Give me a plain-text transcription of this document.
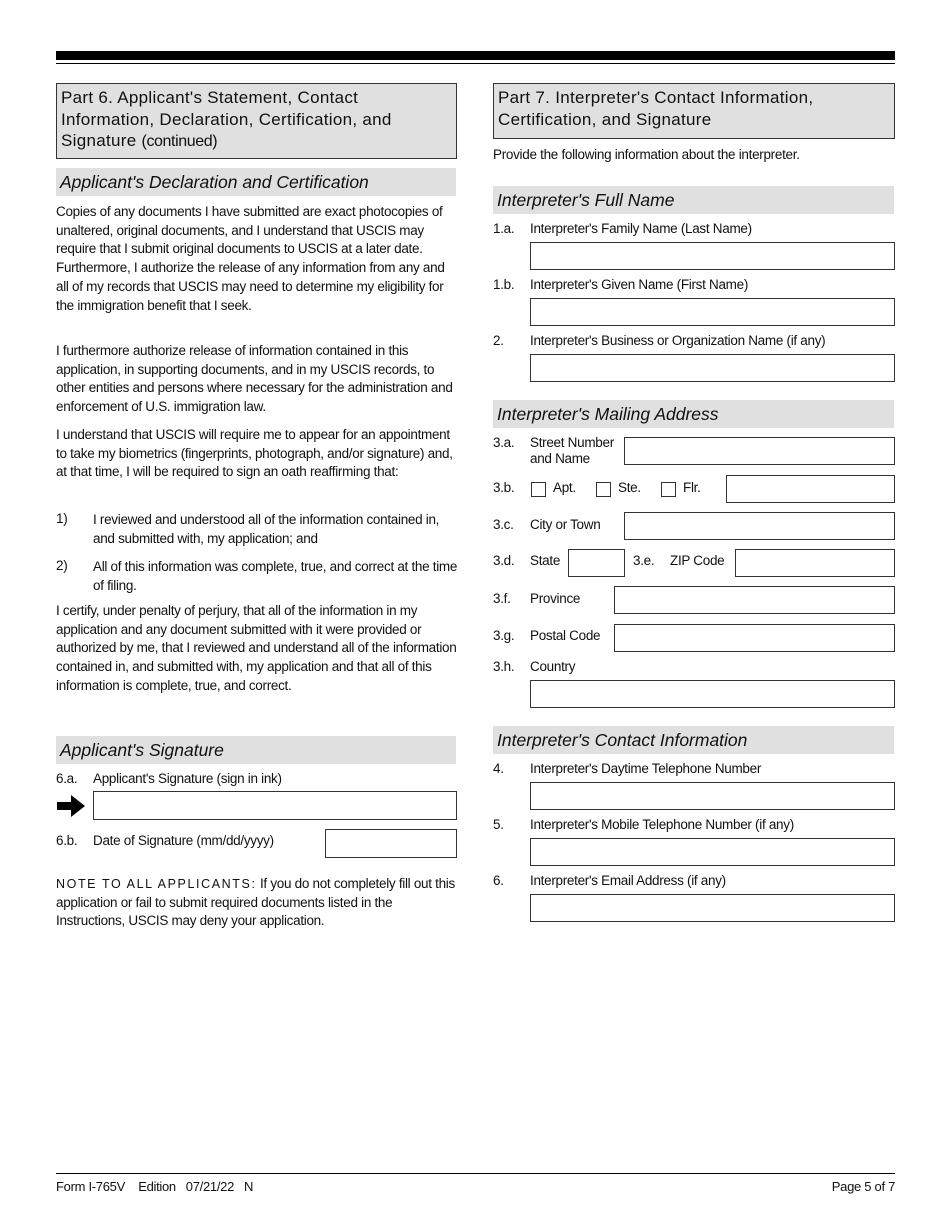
Part 6. Applicant's Statement, Contact
Information, Declaration, Certification, and
Signature (continued)
Applicant's Declaration and Certification
Copies of any documents I have submitted are exact photocopies of unaltered, original documents, and I understand that USCIS may require that I submit original documents to USCIS at a later date. Furthermore, I authorize the release of any information from any and all of my records that USCIS may need to determine my eligibility for the immigration benefit that I seek.
I furthermore authorize release of information contained in this application, in supporting documents, and in my USCIS records, to other entities and persons where necessary for the administration and enforcement of U.S. immigration law.
I understand that USCIS will require me to appear for an appointment to take my biometrics (fingerprints, photograph, and/or signature) and, at that time, I will be required to sign an oath reaffirming that:
1) I reviewed and understood all of the information contained in, and submitted with, my application; and
2) All of this information was complete, true, and correct at the time of filing.
I certify, under penalty of perjury, that all of the information in my application and any document submitted with it were provided or authorized by me, that I reviewed and understand all of the information contained in, and submitted with, my application and that all of this information is complete, true, and correct.
Applicant's Signature
6.a. Applicant's Signature (sign in ink)
6.b. Date of Signature (mm/dd/yyyy)
NOTE TO ALL APPLICANTS: If you do not completely fill out this application or fail to submit required documents listed in the Instructions, USCIS may deny your application.
Part 7. Interpreter's Contact Information,
Certification, and Signature
Provide the following information about the interpreter.
Interpreter's Full Name
1.a. Interpreter's Family Name (Last Name)
1.b. Interpreter's Given Name (First Name)
2. Interpreter's Business or Organization Name (if any)
Interpreter's Mailing Address
3.a. Street Number
and Name
3.b.	Apt.	Ste.	Flr.
3.c. City or Town
3.d. State	3.e. ZIP Code
3.f. Province
3.g. Postal Code
3.h. Country
Interpreter's Contact Information
4. Interpreter's Daytime Telephone Number
5. Interpreter's Mobile Telephone Number (if any)
6. Interpreter's Email Address (if any)
Form I-765V Edition 07/21/22 N	Page 5 of 7
